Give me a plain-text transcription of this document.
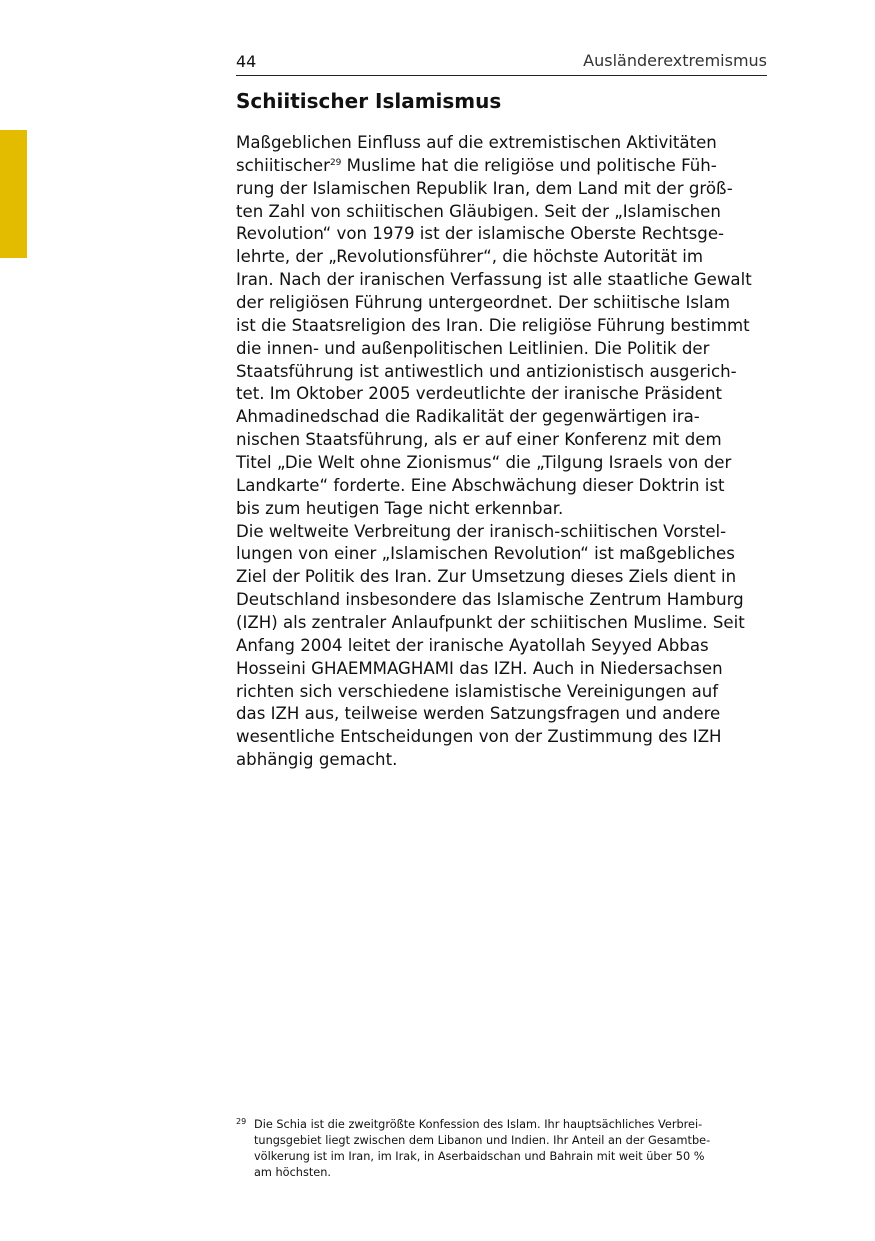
44	Ausländerextremismus
Schiitischer Islamismus
Maßgeblichen Einfluss auf die extremistischen Aktivitäten
schiitischer$^{29}$ Muslime hat die religiöse und politische Füh-
rung der Islamischen Republik Iran, dem Land mit der größ-
ten Zahl von schiitischen Gläubigen. Seit der „Islamischen
Revolution“ von 1979 ist der islamische Oberste Rechtsge-
lehrte, der „Revolutionsführer“, die höchste Autorität im
Iran. Nach der iranischen Verfassung ist alle staatliche Gewalt
der religiösen Führung untergeordnet. Der schiitische Islam
ist die Staatsreligion des Iran. Die religiöse Führung bestimmt
die innen- und außenpolitischen Leitlinien. Die Politik der
Staatsführung ist antiwestlich und antizionistisch ausgerich-
tet. Im Oktober 2005 verdeutlichte der iranische Präsident
Ahmadinedschad die Radikalität der gegenwärtigen ira-
nischen Staatsführung, als er auf einer Konferenz mit dem
Titel „Die Welt ohne Zionismus“ die „Tilgung Israels von der
Landkarte“ forderte. Eine Abschwächung dieser Doktrin ist
bis zum heutigen Tage nicht erkennbar.
Die weltweite Verbreitung der iranisch-schiitischen Vorstel-
lungen von einer „Islamischen Revolution“ ist maßgebliches
Ziel der Politik des Iran. Zur Umsetzung dieses Ziels dient in
Deutschland insbesondere das Islamische Zentrum Hamburg
(IZH) als zentraler Anlaufpunkt der schiitischen Muslime. Seit
Anfang 2004 leitet der iranische Ayatollah Seyyed Abbas
Hosseini GHAEMMAGHAMI das IZH. Auch in Niedersachsen
richten sich verschiedene islamistische Vereinigungen auf
das IZH aus, teilweise werden Satzungsfragen und andere
wesentliche Entscheidungen von der Zustimmung des IZH
abhängig gemacht.
29 Die Schia ist die zweitgrößte Konfession des Islam. Ihr hauptsächliches Verbrei-
tungsgebiet liegt zwischen dem Libanon und Indien. Ihr Anteil an der Gesamtbe-
völkerung ist im Iran, im Irak, in Aserbaidschan und Bahrain mit weit über 50 %
am höchsten.
